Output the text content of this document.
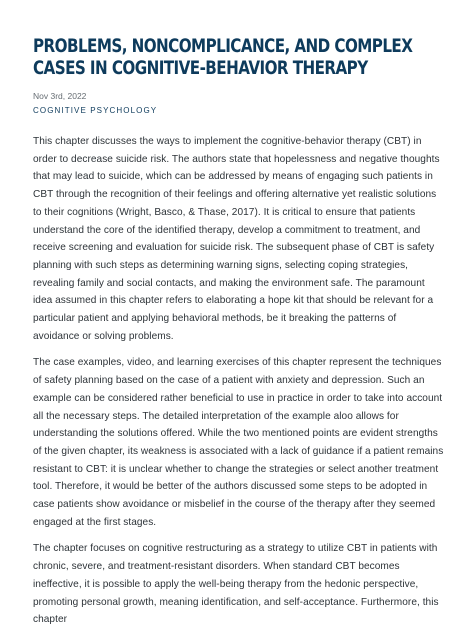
PROBLEMS, NONCOMPLICANCE, AND COMPLEX
CASES IN COGNITIVE-BEHAVIOR THERAPY
Nov 3rd, 2022
COGNITIVE PSYCHOLOGY

This chapter discusses the ways to implement the cognitive-behavior therapy (CBT) in order to decrease suicide risk. The authors state that hopelessness and negative thoughts that may lead to suicide, which can be addressed by means of engaging such patients in CBT through the recognition of their feelings and offering alternative yet realistic solutions to their cognitions (Wright, Basco, & Thase, 2017). It is critical to ensure that patients understand the core of the identified therapy, develop a commitment to treatment, and receive screening and evaluation for suicide risk. The subsequent phase of CBT is safety planning with such steps as determining warning signs, selecting coping strategies, revealing family and social contacts, and making the environment safe. The paramount idea assumed in this chapter refers to elaborating a hope kit that should be relevant for a particular patient and applying behavioral methods, be it breaking the patterns of avoidance or solving problems.

The case examples, video, and learning exercises of this chapter represent the techniques of safety planning based on the case of a patient with anxiety and depression. Such an example can be considered rather beneficial to use in practice in order to take into account all the necessary steps. The detailed interpretation of the example aloo allows for understanding the solutions offered. While the two mentioned points are evident strengths of the given chapter, its weakness is associated with a lack of guidance if a patient remains resistant to CBT: it is unclear whether to change the strategies or select another treatment tool. Therefore, it would be better of the authors discussed some steps to be adopted in case patients show avoidance or misbelief in the course of the therapy after they seemed engaged at the first stages.

The chapter focuses on cognitive restructuring as a strategy to utilize CBT in patients with chronic, severe, and treatment-resistant disorders. When standard CBT becomes ineffective, it is possible to apply the well-being therapy from the hedonic perspective, promoting personal growth, meaning identification, and self-acceptance. Furthermore, this chapter
